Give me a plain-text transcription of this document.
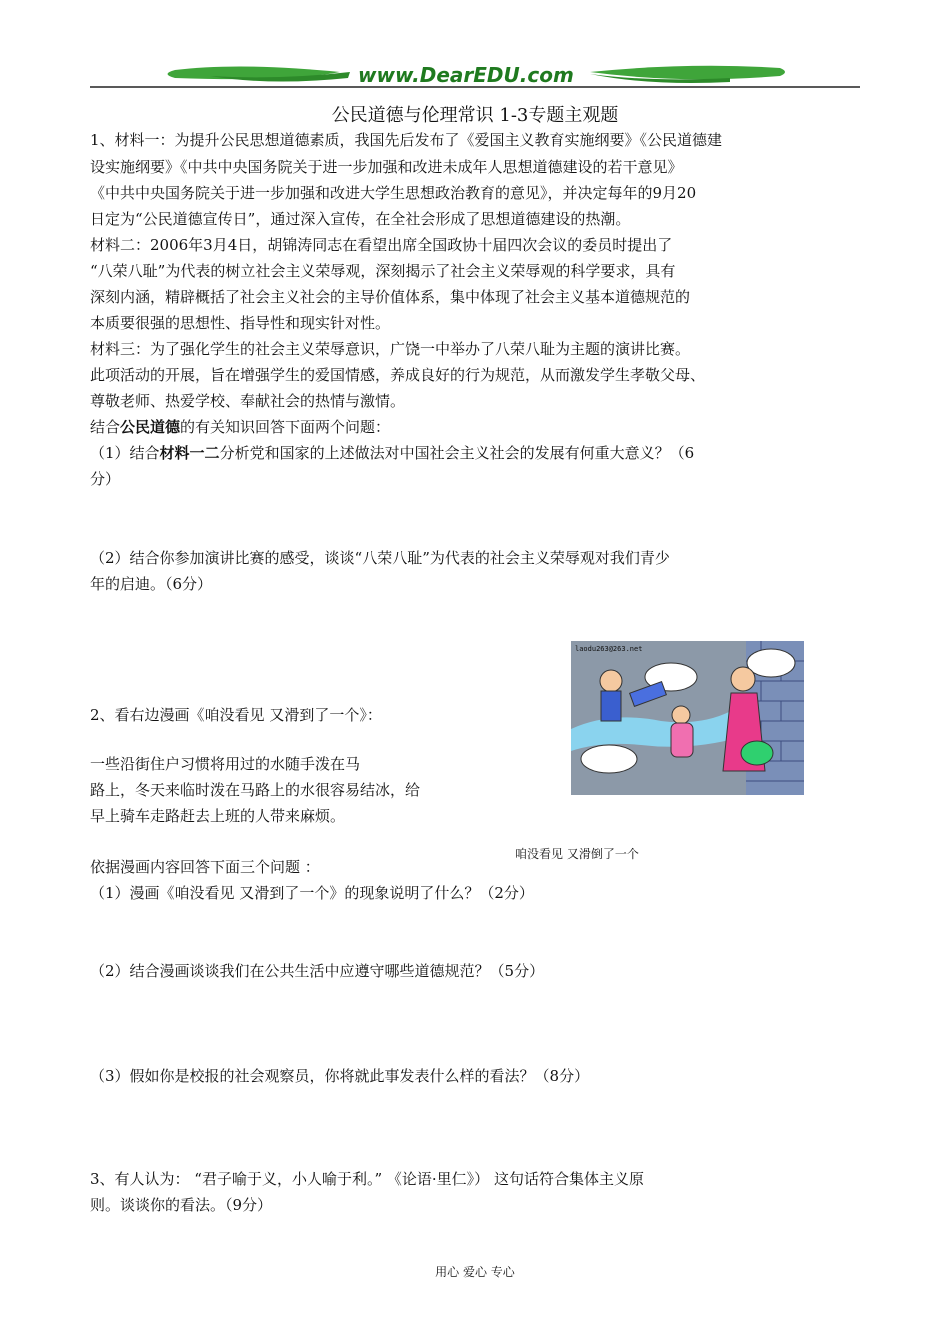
www.DearEDU.com
公民道德与伦理常识 1-3专题主观题
1、材料一：为提升公民思想道德素质，我国先后发布了《爱国主义教育实施纲要》《公民道德建
设实施纲要》《中共中央国务院关于进一步加强和改进未成年人思想道德建设的若干意见》
《中共中央国务院关于进一步加强和改进大学生思想政治教育的意见》，并决定每年的9月20
日定为“公民道德宣传日”，通过深入宣传，在全社会形成了思想道德建设的热潮。
材料二：2006年3月4日，胡锦涛同志在看望出席全国政协十届四次会议的委员时提出了
“八荣八耻”为代表的树立社会主义荣辱观，深刻揭示了社会主义荣辱观的科学要求，具有
深刻内涵，精辟概括了社会主义社会的主导价值体系，集中体现了社会主义基本道德规范的
本质要很强的思想性、指导性和现实针对性。
材料三：为了强化学生的社会主义荣辱意识，广饶一中举办了八荣八耻为主题的演讲比赛。
此项活动的开展，旨在增强学生的爱国情感，养成良好的行为规范，从而激发学生孝敬父母、
尊敬老师、热爱学校、奉献社会的热情与激情。
结合公民道德的有关知识回答下面两个问题：
（1）结合材料一二分析党和国家的上述做法对中国社会主义社会的发展有何重大意义？（6
分）
（2）结合你参加演讲比赛的感受，谈谈“八荣八耻”为代表的社会主义荣辱观对我们青少
年的启迪。（6分）
2、看右边漫画《咱没看见 又滑到了一个》：
一些沿街住户习惯将用过的水随手泼在马
路上，冬天来临时泼在马路上的水很容易结冰，给
早上骑车走路赶去上班的人带来麻烦。
laodu263@263.net
咱没看见 又滑倒了一个
依据漫画内容回答下面三个问题 ：
（1）漫画《咱没看见 又滑到了一个》的现象说明了什么？（2分）
（2）结合漫画谈谈我们在公共生活中应遵守哪些道德规范？（5分）
（3）假如你是校报的社会观察员，你将就此事发表什么样的看法？（8分）
3、有人认为： “君子喻于义，小人喻于利。” 《论语·里仁》） 这句话符合集体主义原
则。谈谈你的看法。（9分）
用心 爱心 专心
